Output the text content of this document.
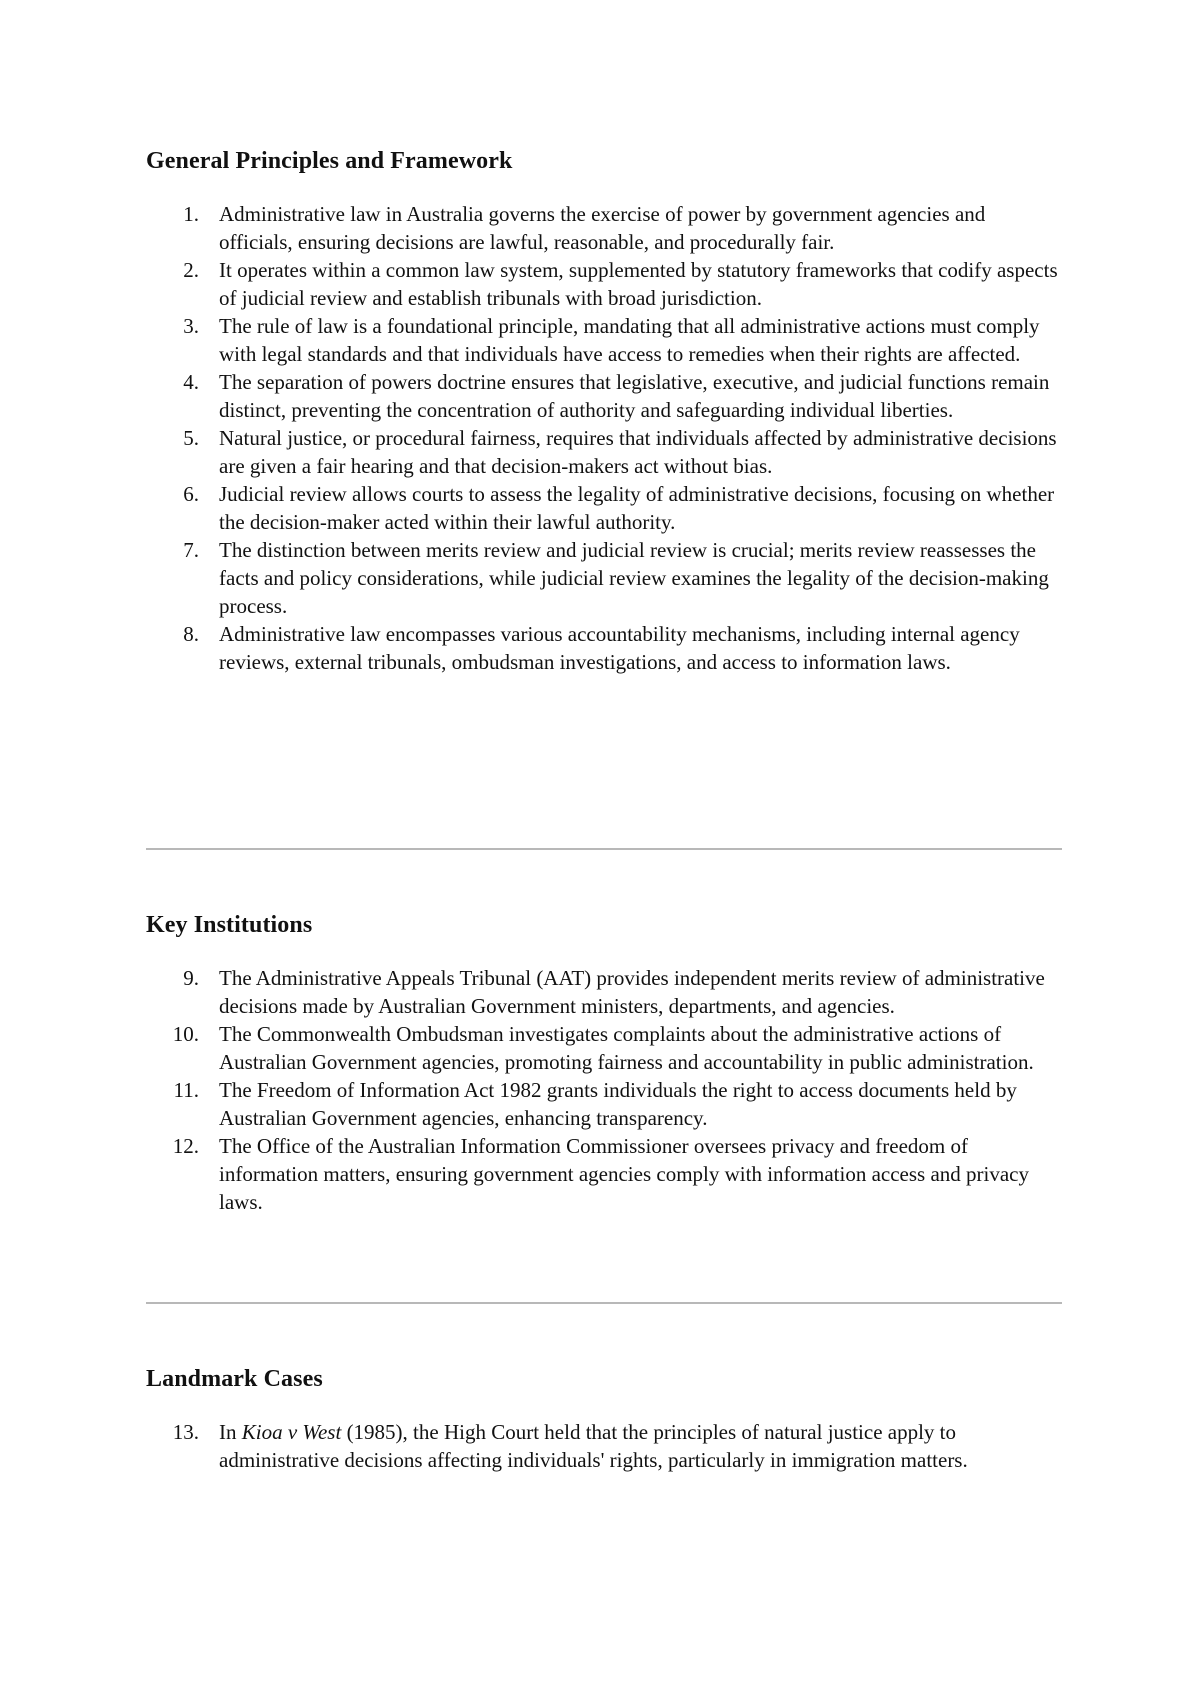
General Principles and Framework
1. Administrative law in Australia governs the exercise of power by government agencies and officials, ensuring decisions are lawful, reasonable, and procedurally fair.
2. It operates within a common law system, supplemented by statutory frameworks that codify aspects of judicial review and establish tribunals with broad jurisdiction.
3. The rule of law is a foundational principle, mandating that all administrative actions must comply with legal standards and that individuals have access to remedies when their rights are affected.
4. The separation of powers doctrine ensures that legislative, executive, and judicial functions remain distinct, preventing the concentration of authority and safeguarding individual liberties.
5. Natural justice, or procedural fairness, requires that individuals affected by administrative decisions are given a fair hearing and that decision-makers act without bias.
6. Judicial review allows courts to assess the legality of administrative decisions, focusing on whether the decision-maker acted within their lawful authority.
7. The distinction between merits review and judicial review is crucial; merits review reassesses the facts and policy considerations, while judicial review examines the legality of the decision-making process.
8. Administrative law encompasses various accountability mechanisms, including internal agency reviews, external tribunals, ombudsman investigations, and access to information laws.
Key Institutions
9. The Administrative Appeals Tribunal (AAT) provides independent merits review of administrative decisions made by Australian Government ministers, departments, and agencies.
10. The Commonwealth Ombudsman investigates complaints about the administrative actions of Australian Government agencies, promoting fairness and accountability in public administration.
11. The Freedom of Information Act 1982 grants individuals the right to access documents held by Australian Government agencies, enhancing transparency.
12. The Office of the Australian Information Commissioner oversees privacy and freedom of information matters, ensuring government agencies comply with information access and privacy laws.
Landmark Cases
13. In Kioa v West (1985), the High Court held that the principles of natural justice apply to administrative decisions affecting individuals' rights, particularly in immigration matters.
